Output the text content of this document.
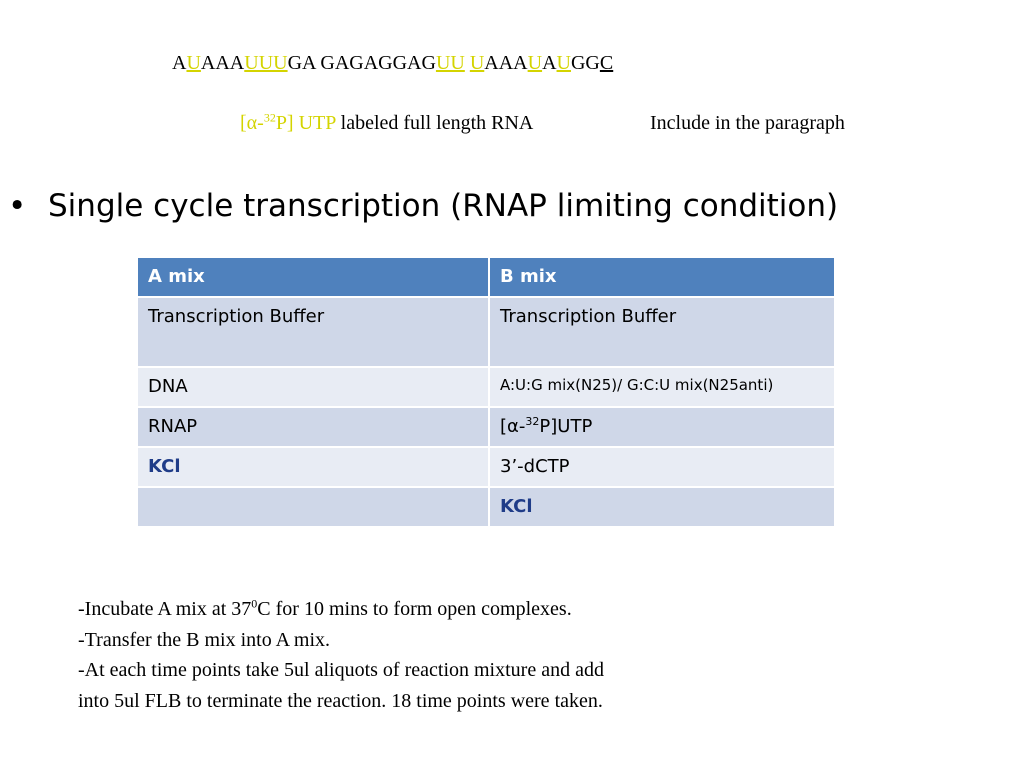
AUAAAUUUGA GAGAGGAGUU UAAAUAUGGC
[α-$^{32}$P] UTP labeled full length RNA	Include in the paragraph
• Single cycle transcription (RNAP limiting condition)
A mix	B mix
Transcription Buffer	Transcription Buffer
DNA	A:U:G mix(N25)/ G:C:U mix(N25anti)
RNAP	[α-$^{32}$P]UTP
KCl	3’-dCTP
	KCl
-Incubate A mix at $37^0C$ for 10 mins to form open complexes.
-Transfer the B mix into A mix.
-At each time points take 5ul aliquots of reaction mixture and add
into 5ul FLB to terminate the reaction. 18 time points were taken.
